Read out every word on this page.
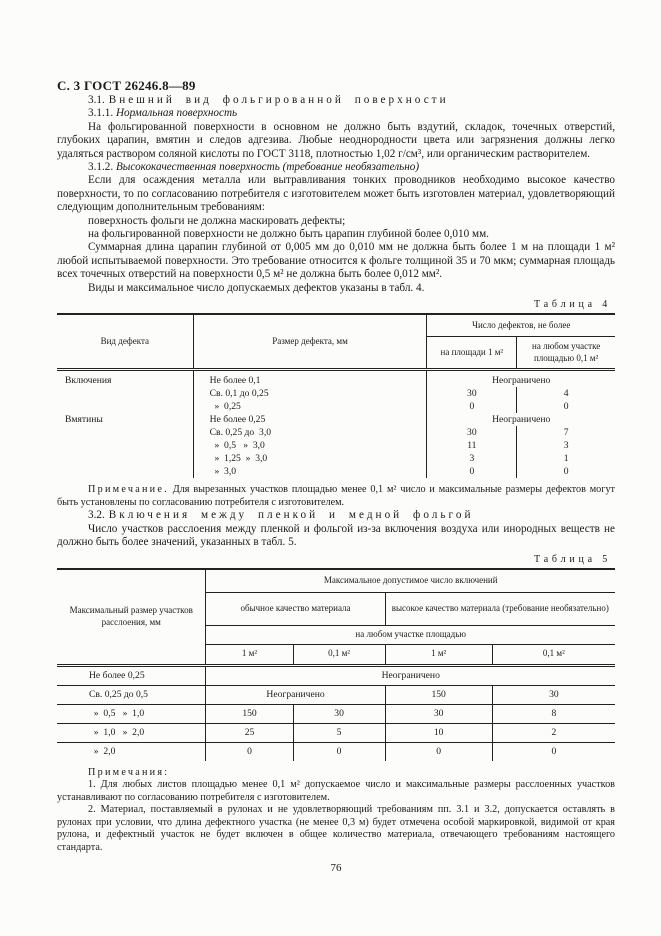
С. 3 ГОСТ 26246.8—89

3.1. Внешний вид фольгированной поверхности

3.1.1. Нормальная поверхность

На фольгированной поверхности в основном не должно быть вздутий, складок, точечных отверстий, глубоких царапин, вмятин и следов адгезива. Любые неоднородности цвета или загрязнения должны легко удаляться раствором соляной кислоты по ГОСТ 3118, плотностью 1,02 г/см³, или органическим растворителем.

3.1.2. Высококачественная поверхность (требование необязательно)

Если для осаждения металла или вытравливания тонких проводников необходимо высокое качество поверхности, то по согласованию потребителя с изготовителем может быть изготовлен материал, удовлетворяющий следующим дополнительным требованиям:

поверхность фольги не должна маскировать дефекты;

на фольгированной поверхности не должно быть царапин глубиной более 0,010 мм.

Суммарная длина царапин глубиной от 0,005 мм до 0,010 мм не должна быть более 1 м на площади 1 м² любой испытываемой поверхности. Это требование относится к фольге толщиной 35 и 70 мкм; суммарная площадь всех точечных отверстий на поверхности 0,5 м² не должна быть более 0,012 мм².

Виды и максимальное число допускаемых дефектов указаны в табл. 4.

Таблица 4
Вид дефекта	Размер дефекта, мм	Число дефектов, не более	
		на площади 1 м²	на любом участке площадью 0,1 м²
Включения	Не более 0,1	Неограничено	
	Св. 0,1 до 0,25	30	4
	»  0,25	0	0
Вмятины	Не более 0,25	Неограничено	
	Св. 0,25 до  3,0	30	7
	»  0,5   »  3,0	11	3
	»  1,25  »  3,0	3	1
	»  3,0	0	0

Примечание. Для вырезанных участков площадью менее 0,1 м² число и максимальные размеры дефектов могут быть установлены по согласованию потребителя с изготовителем.

3.2. Включения между пленкой и медной фольгой

Число участков расслоения между пленкой и фольгой из-за включения воздуха или инородных веществ не должно быть более значений, указанных в табл. 5.

Таблица 5
Максимальный размер участков расслоения, мм	Максимальное допустимое число включений			
	обычное качество материала		высокое качество материала (требование необязательно)	
	на любом участке площадью			
	1 м²	0,1 м²	1 м²	0,1 м²
Не более 0,25	Неограничено			
Св. 0,25 до 0,5	Неограничено		150	30
»  0,5   »  1,0	150	30	30	8
»  1,0   »  2,0	25	5	10	2
»  2,0	0	0	0	0

Примечания:

1. Для любых листов площадью менее 0,1 м² допускаемое число и максимальные размеры расслоенных участков устанавливают по согласованию потребителя с изготовителем.

2. Материал, поставляемый в рулонах и не удовлетворяющий требованиям пп. 3.1 и 3.2, допускается оставлять в рулонах при условии, что длина дефектного участка (не менее 0,3 м) будет отмечена особой маркировкой, видимой от края рулона, и дефектный участок не будет включен в общее количество материала, отвечающего требованиям настоящего стандарта.

76
